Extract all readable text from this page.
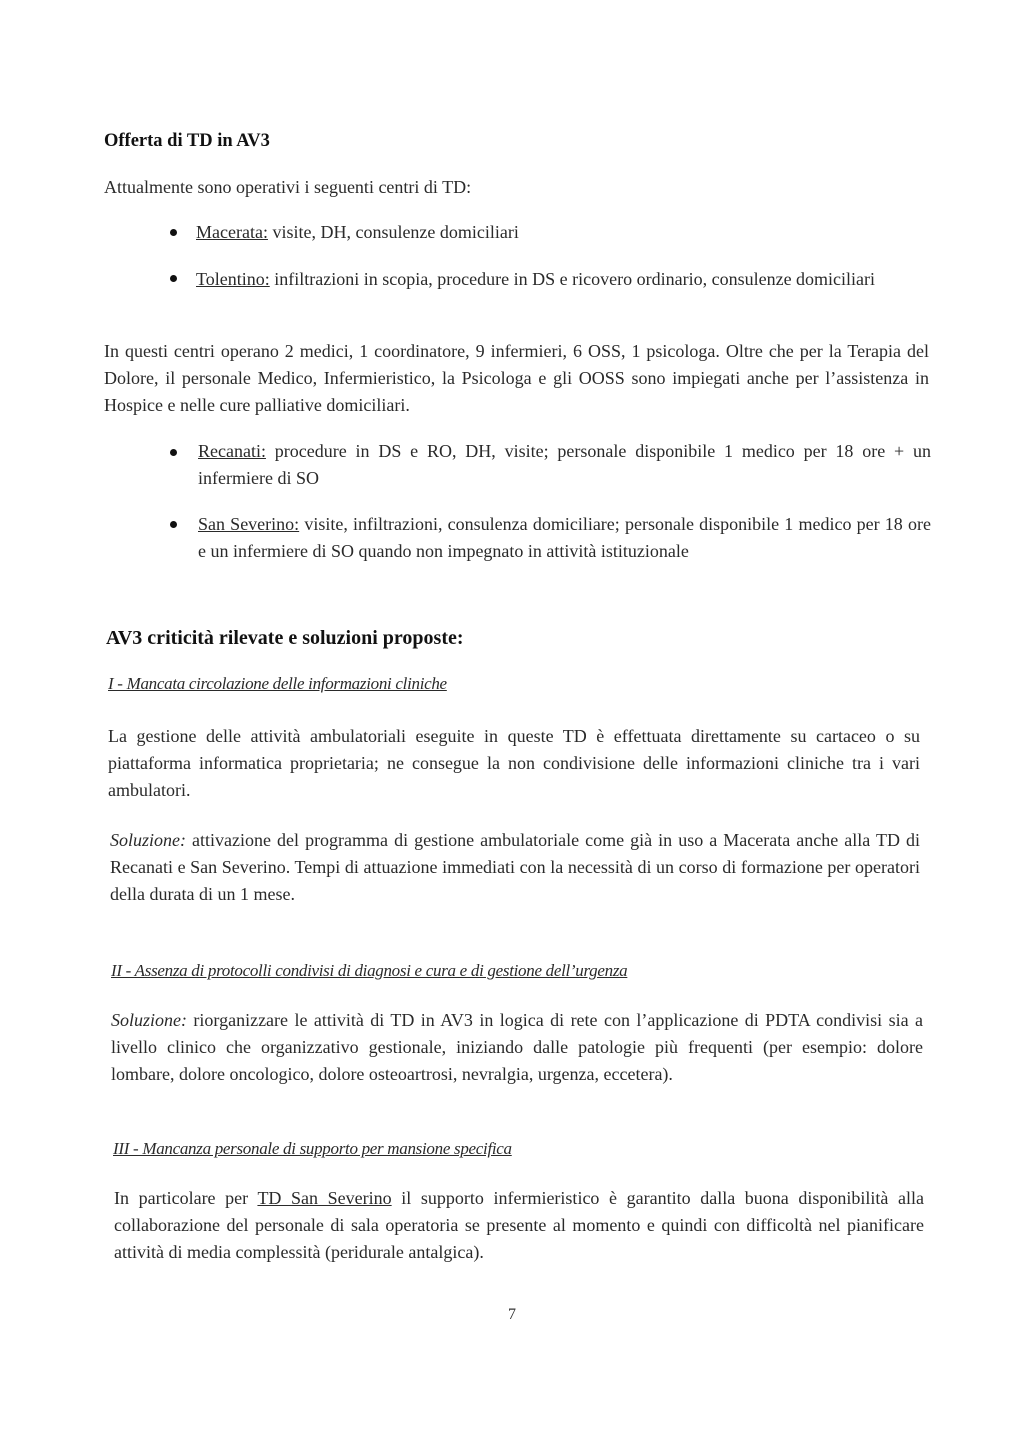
Offerta di TD in AV3
Attualmente sono operativi i seguenti centri di TD:
Macerata: visite, DH, consulenze domiciliari
Tolentino: infiltrazioni in scopia, procedure in DS e ricovero ordinario, consulenze domiciliari
In questi centri operano 2 medici, 1 coordinatore, 9 infermieri, 6 OSS, 1 psicologa. Oltre che per la Terapia del Dolore, il personale Medico, Infermieristico, la Psicologa e gli OOSS sono impiegati anche per l’assistenza in Hospice e nelle cure palliative domiciliari.
Recanati: procedure in DS e RO, DH, visite; personale disponibile 1 medico per 18 ore + un infermiere di SO
San Severino: visite, infiltrazioni, consulenza domiciliare; personale disponibile 1 medico per 18 ore e un infermiere di SO quando non impegnato in attività istituzionale
AV3 criticità rilevate e soluzioni proposte:
I - Mancata circolazione delle informazioni cliniche
La gestione delle attività ambulatoriali eseguite in queste TD è effettuata direttamente su cartaceo o su piattaforma informatica proprietaria; ne consegue la non condivisione delle informazioni cliniche tra i vari ambulatori.
Soluzione: attivazione del programma di gestione ambulatoriale come già in uso a Macerata anche alla TD di Recanati e San Severino. Tempi di attuazione immediati con la necessità di un corso di formazione per operatori della durata di un 1 mese.
II - Assenza di protocolli condivisi di diagnosi e cura e di gestione dell’urgenza
Soluzione: riorganizzare le attività di TD in AV3 in logica di rete con l’applicazione di PDTA condivisi sia a livello clinico che organizzativo gestionale, iniziando dalle patologie più frequenti (per esempio: dolore lombare, dolore oncologico, dolore osteoartrosi, nevralgia, urgenza, eccetera).
III - Mancanza personale di supporto per mansione specifica
In particolare per TD San Severino il supporto infermieristico è garantito dalla buona disponibilità alla collaborazione del personale di sala operatoria se presente al momento e quindi con difficoltà nel pianificare attività di media complessità (peridurale antalgica).
7
